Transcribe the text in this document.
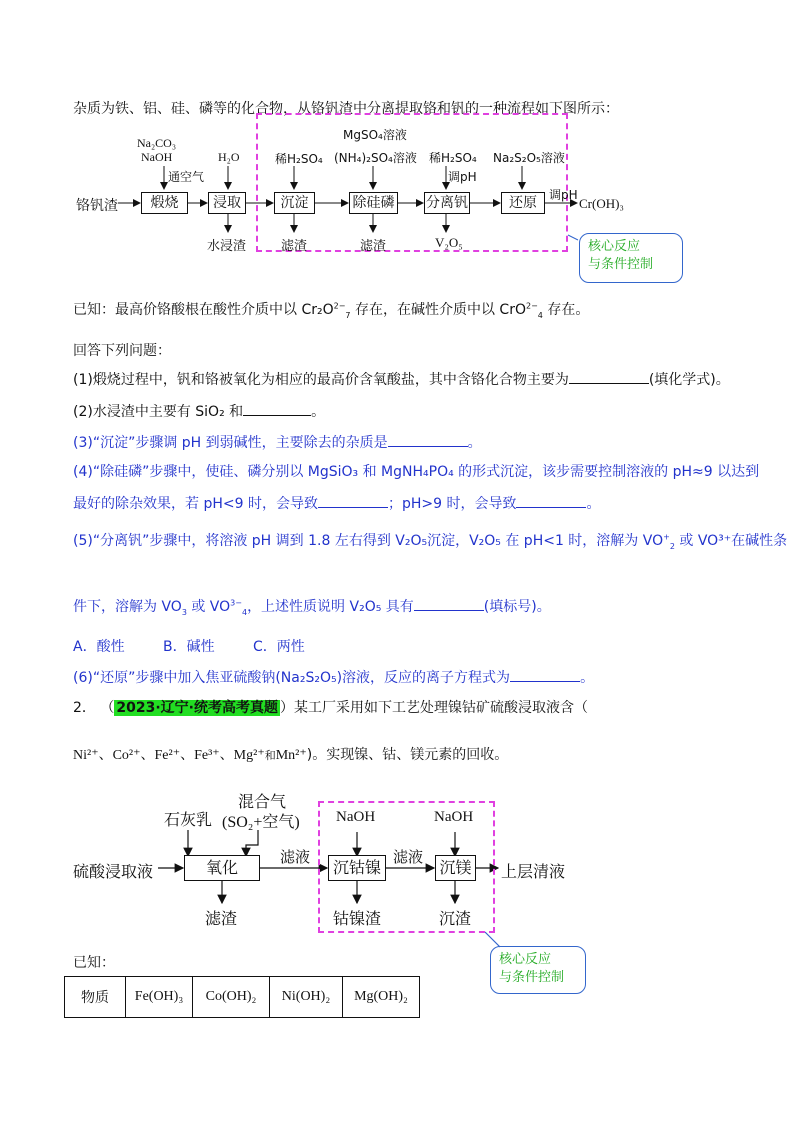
杂质为铁、铝、硅、磷等的化合物，从铬钒渣中分离提取铬和钒的一种流程如下图所示：
铬钒渣	煅烧	浸取	沉淀	除硅磷 分离钒	还原	Cr(OH)₃
Na₂CO₃
NaOH
通空气
H₂O	稀H₂SO₄
MgSO₄溶液
(NH₄)₂SO₄溶液 稀H₂SO₄
调pH
Na₂S₂O₅溶液
调pH
水浸渣	滤渣	滤渣	V₂O₅	核心反应
与条件控制
已知：最高价铬酸根在酸性介质中以 $Cr_2O^{2-}_7$ 存在，在碱性介质中以 CrO$^{2-}_4$ 存在。
回答下列问题：
(1)煅烧过程中，钒和铬被氧化为相应的最高价含氧酸盐，其中含铬化合物主要为	(填化学式)。
(2)水浸渣中主要有 SiO₂ 和	。
(3)“沉淀”步骤调 pH 到弱碱性，主要除去的杂质是	。
(4)“除硅磷”步骤中，使硅、磷分别以 MgSiO₃ 和 MgNH₄PO₄ 的形式沉淀，该步需要控制溶液的 pH≈9 以达到
最好的除杂效果，若 pH<9 时，会导致	；pH>9 时，会导致	。
(5)“分离钒”步骤中，将溶液 pH 调到 1.8 左右得到 V₂O₅沉淀，V₂O₅ 在 pH<1 时，溶解为 $VO^+_2$ 或 VO³⁺在碱性条
件下，溶解为 $VO_3$ 或 $VO^{3-}_4$，上述性质说明 V₂O₅ 具有	(填标号)。
A．酸性	B．碱性	C．两性
(6)“还原”步骤中加入焦亚硫酸钠(Na₂S₂O₅)溶液，反应的离子方程式为	。
2． （ 2023·辽宁·统考高考真题 ）某工厂采用如下工艺处理镍钴矿硫酸浸取液含（
Ni²⁺、Co²⁺、Fe²⁺、Fe³⁺、Mg²⁺和Mn²⁺)。实现镍、钴、镁元素的回收。
硫酸浸取液	氧化	沉钴镍	沉镁 上层清液
石灰乳
混合气
(SO₂+空气) NaOH	NaOH
滤液	滤液
滤渣	钴镍渣	沉渣
核心反应
与条件控制
已知：
物质	Fe(OH)₃	Co(OH)₂	Ni(OH)₂	Mg(OH)₂
